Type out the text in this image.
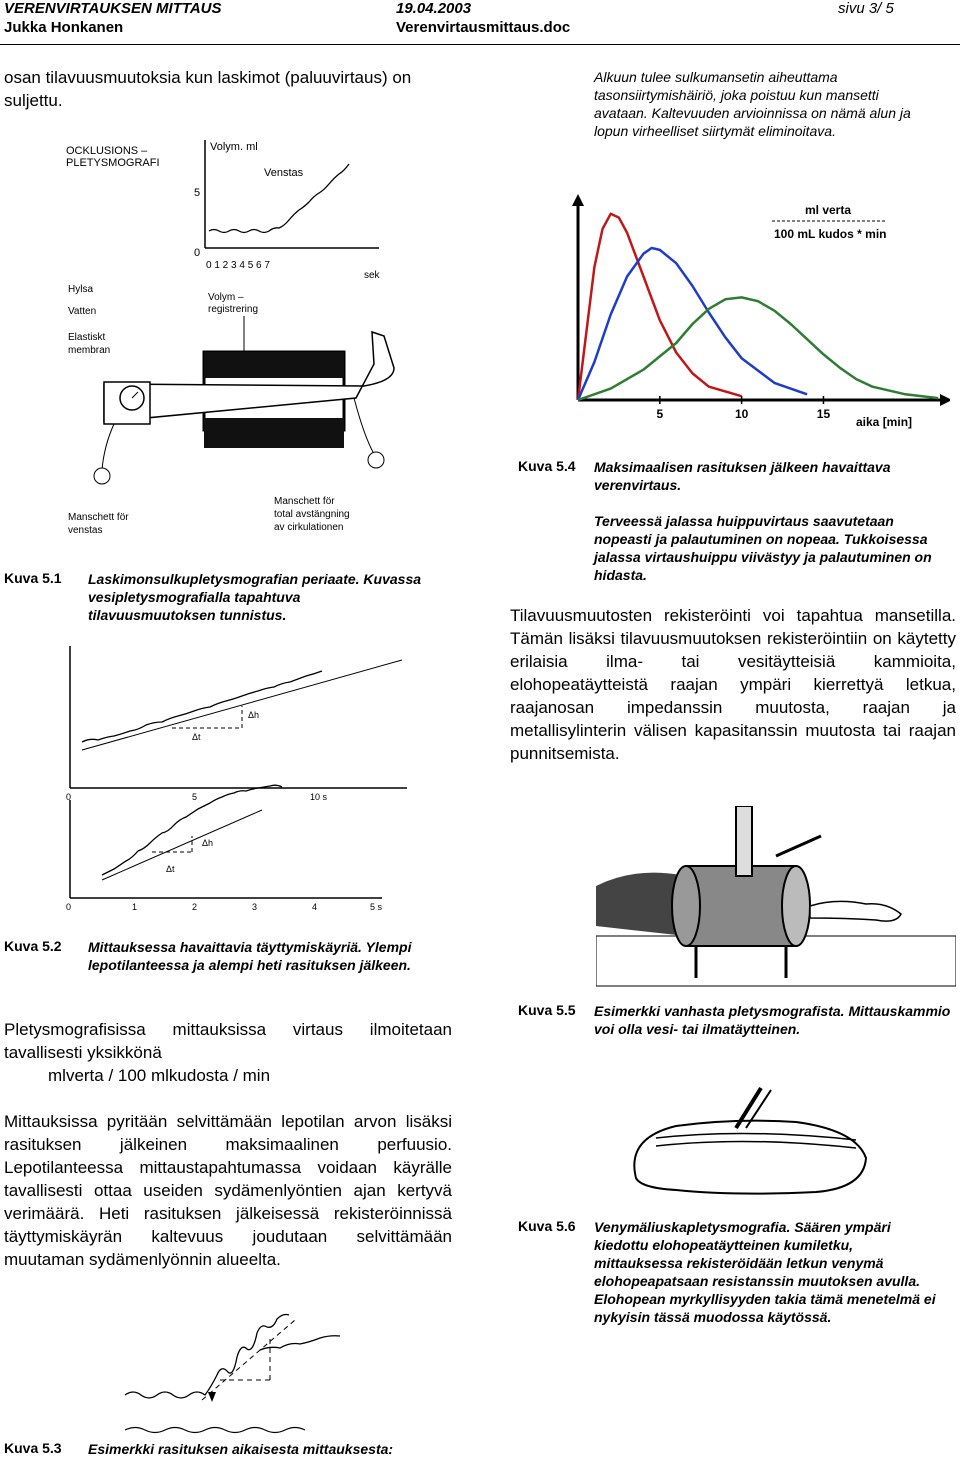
VERENVIRTAUKSEN MITTAUS	19.04.2003	sivu 3/ 5
Jukka Honkanen	Verenvirtausmittaus.doc
osan tilavuusmuutoksia kun laskimot (paluuvirtaus) on suljettu.
OCKLUSIONS –
PLETYSMOGRAFI
Volym. ml
Venstas
5
0
0 1 2 3 4 5 6 7
sek
Hylsa
Vatten
Volym –
registrering
Elastiskt
membran
Manschett för
venstas
Manschett för
total avstängning
av cirkulationen
Kuva 5.1 Laskimonsulkupletysmografian periaate. Kuvassa vesipletysmografialla tapahtuva tilavuusmuutoksen tunnistus.
Δt
Δh
0	5	10 s
Δt
Δh
0	1	2	3	4	5 s
Kuva 5.2 Mittauksessa havaittavia täyttymiskäyriä. Ylempi lepotilanteessa ja alempi heti rasituksen jälkeen.
Pletysmografisissa mittauksissa virtaus ilmoitetaan tavallisesti yksikkönä
mlverta / 100 mlkudosta / min
Mittauksissa pyritään selvittämään lepotilan arvon lisäksi rasituksen jälkeinen maksimaalinen perfuusio. Lepotilanteessa mittaustapahtumassa voidaan käyrälle tavallisesti ottaa useiden sydämenlyöntien ajan kertyvä verimäärä. Heti rasituksen jälkeisessä rekisteröinnissä täyttymiskäyrän kaltevuus joudutaan selvittämään muutaman sydämenlyönnin alueelta.
Kuva 5.3 Esimerkki rasituksen aikaisesta mittauksesta:
Alkuun tulee sulkumansetin aiheuttama tasonsiirtymishäiriö, joka poistuu kun mansetti avataan. Kaltevuuden arvioinnissa on nämä alun ja lopun virheelliset siirtymät eliminoitava.
5	10	15
ml verta
100 mL kudos * min
aika [min]
Kuva 5.4 Maksimaalisen rasituksen jälkeen havaittava verenvirtaus.
Terveessä jalassa huippuvirtaus saavutetaan nopeasti ja palautuminen on nopeaa. Tukkoisessa jalassa virtaushuippu viivästyy ja palautuminen on hidasta.
Tilavuusmuutosten rekisteröinti voi tapahtua mansetilla. Tämän lisäksi tilavuusmuutoksen rekisteröintiin on käytetty erilaisia ilma- tai vesitäytteisiä kammioita, elohopeatäytteistä raajan ympäri kierrettyä letkua, raajanosan impedanssin muutosta, raajan ja metallisylinterin välisen kapasitanssin muutosta tai raajan punnitsemista.
Kuva 5.5 Esimerkki vanhasta pletysmografista. Mittauskammio voi olla vesi- tai ilmatäytteinen.
Kuva 5.6 Venymäliuskapletysmografia. Säären ympäri kiedottu elohopeatäytteinen kumiletku, mittauksessa rekisteröidään letkun venymä elohopeapatsaan resistanssin muutoksen avulla. Elohopean myrkyllisyyden takia tämä menetelmä ei nykyisin tässä muodossa käytössä.
